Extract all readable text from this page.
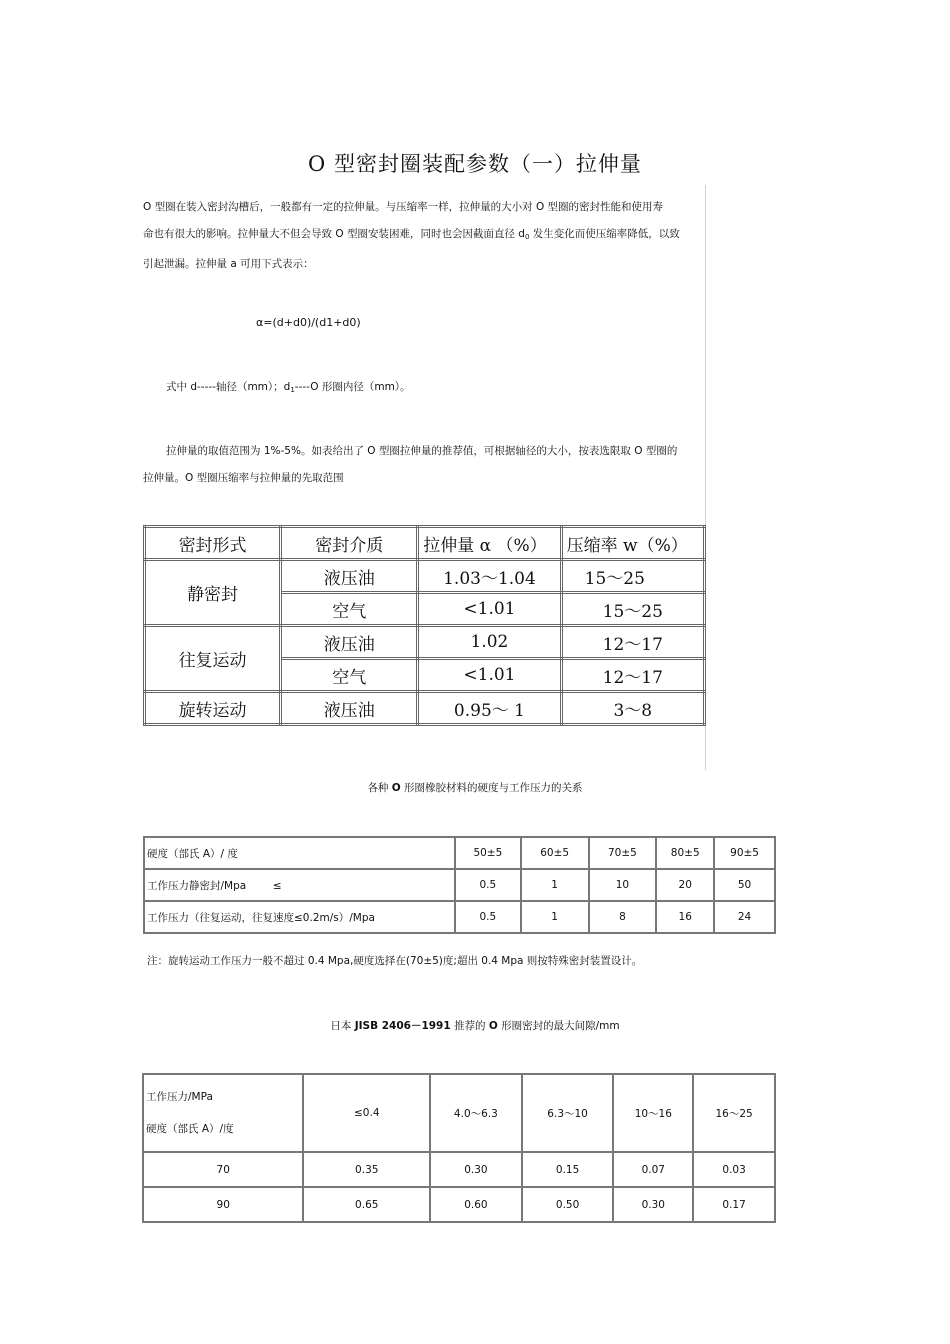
O 型密封圈装配参数（一）拉伸量
O 型圈在装入密封沟槽后，一般都有一定的拉伸量。与压缩率一样，拉伸量的大小对 O 型圈的密封性能和使用寿
命也有很大的影响。拉伸量大不但会导致 O 型圈安装困难，同时也会因截面直径 $d_0$ 发生变化而使压缩率降低，以致
引起泄漏。拉伸量 a 可用下式表示：
α=(d+d0)/(d1+d0)
式中 d-----轴径（mm）；$d_1----O$ 形圈内径（mm）。
拉伸量的取值范围为 1%-5%。如表给出了 O 型圈拉伸量的推荐值，可根据轴径的大小，按表选限取 O 型圈的
拉伸量。O 型圈压缩率与拉伸量的先取范围
密封形式	密封介质	拉伸量 α （%）	压缩率 w（%）
静密封	液压油	1.03～1.04	15～25
	空气	<1.01	15～25
往复运动	液压油	1.02	12～17
	空气	<1.01	12～17
旋转运动	液压油	0.95～ 1	3～8
各种 O 形圈橡胶材料的硬度与工作压力的关系
硬度（部氏 A）/ 度	50±5	60±5	70±5	80±5	90±5
工作压力静密封/Mpa        ≤	0.5	1	10	20	50
工作压力（往复运动，往复速度≤0.2m/s）/Mpa	0.5	1	8	16	24
注：旋转运动工作压力一般不超过 0.4 Mpa,硬度选择在(70±5)度;超出 0.4 Mpa 则按特殊密封装置设计。
日本 JISB 2406－1991 推荐的 O 形圈密封的最大间隙/mm
工作压力/MPa
硬度（部氏 A）/度	≤0.4	4.0～6.3	6.3～10	10～16	16～25
70	0.35	0.30	0.15	0.07	0.03
90	0.65	0.60	0.50	0.30	0.17
